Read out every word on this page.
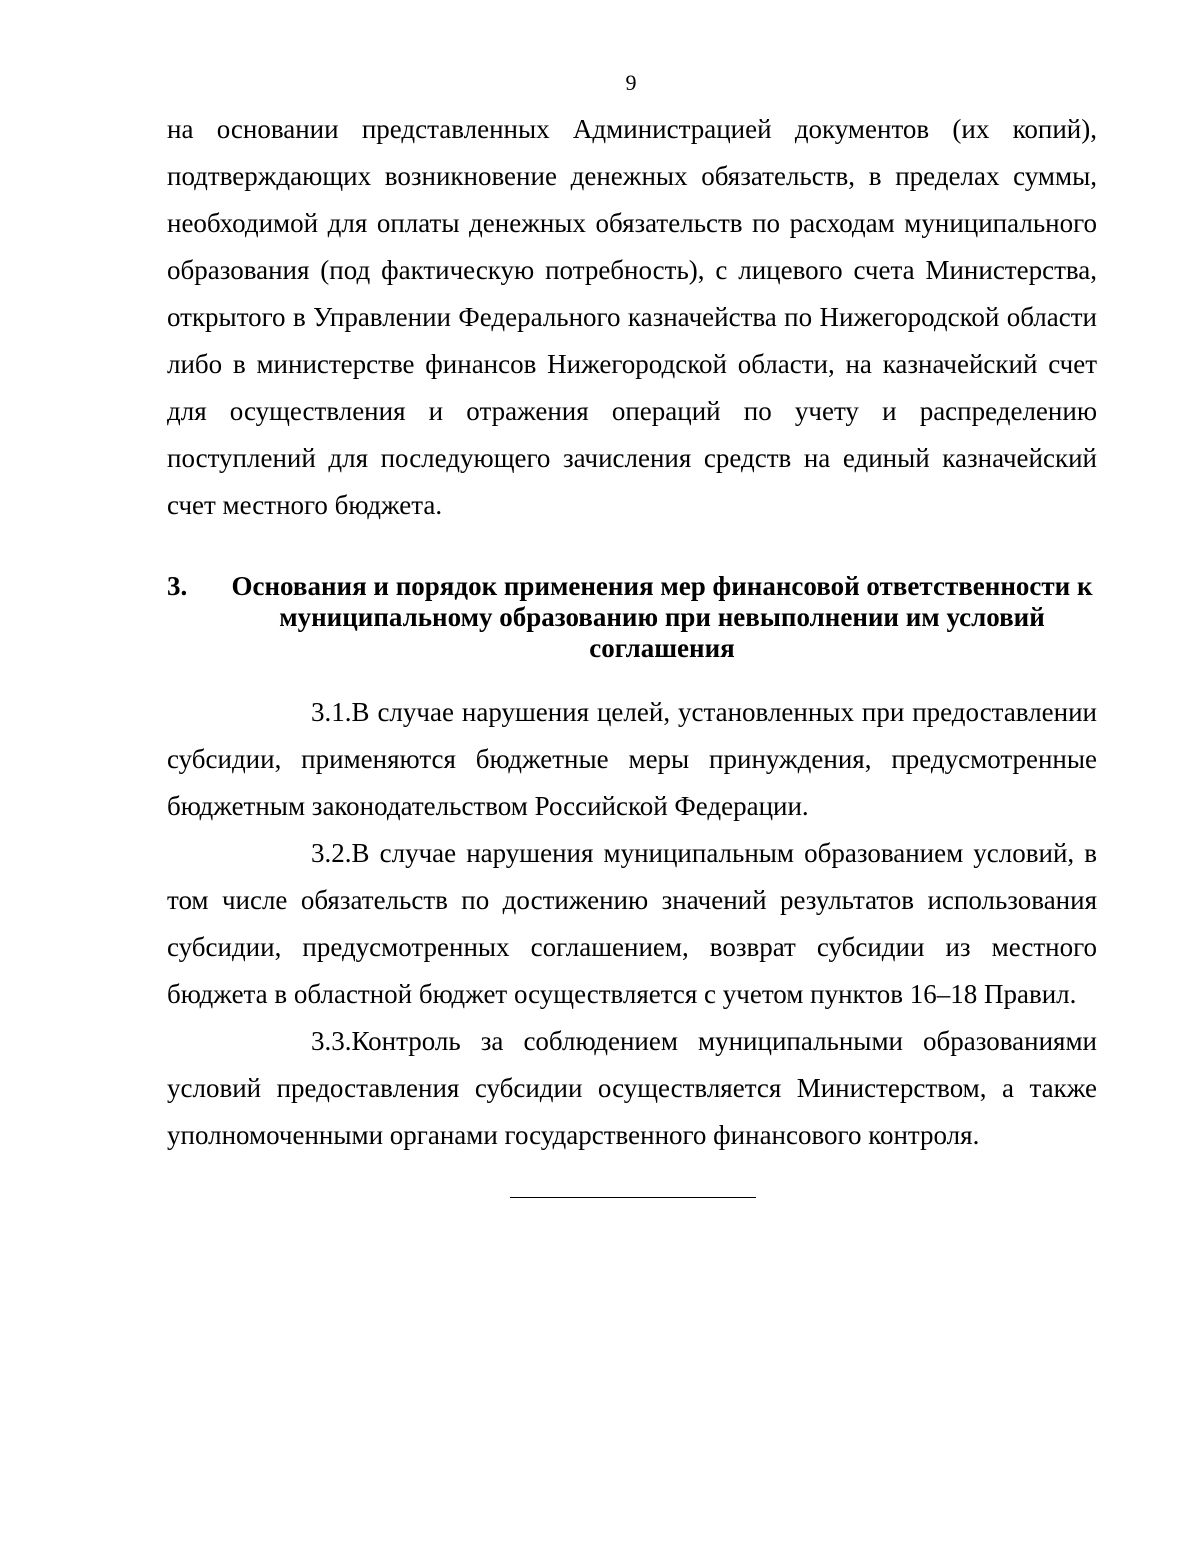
9

на основании представленных Администрацией документов (их копий), подтверждающих возникновение денежных обязательств, в пределах суммы, необходимой для оплаты денежных обязательств по расходам муниципального образования (под фактическую потребность), с лицевого счета Министерства, открытого в Управлении Федерального казначейства по Нижегородской области либо в министерстве финансов Нижегородской области, на казначейский счет для осуществления и отражения операций по учету и распределению поступлений для последующего зачисления средств на единый казначейский счет местного бюджета.

3. Основания и порядок применения мер финансовой ответственности к муниципальному образованию при невыполнении им условий соглашения

3.1.В случае нарушения целей, установленных при предоставлении субсидии, применяются бюджетные меры принуждения, предусмотренные бюджетным законодательством Российской Федерации.

3.2.В случае нарушения муниципальным образованием условий, в том числе обязательств по достижению значений результатов использования субсидии, предусмотренных соглашением, возврат субсидии из местного бюджета в областной бюджет осуществляется с учетом пунктов 16–18 Правил.

3.3.Контроль за соблюдением муниципальными образованиями условий предоставления субсидии осуществляется Министерством, а также уполномоченными органами государственного финансового контроля.
